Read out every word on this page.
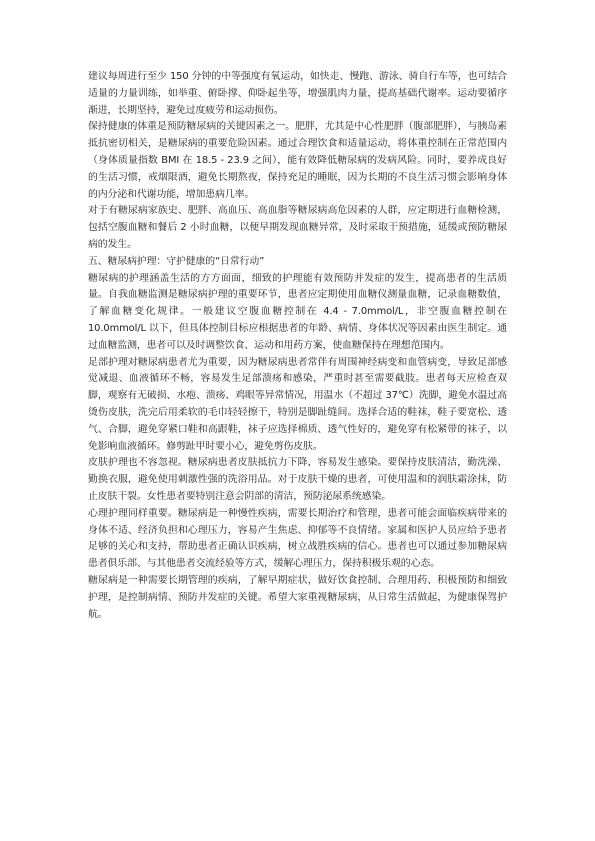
建议每周进行至少 150 分钟的中等强度有氧运动，如快走、慢跑、游泳、骑自行车等，也可结合适量的力量训练，如举重、俯卧撑、仰卧起坐等，增强肌肉力量，提高基础代谢率。运动要循序渐进，长期坚持，避免过度疲劳和运动损伤。

保持健康的体重是预防糖尿病的关键因素之一。肥胖，尤其是中心性肥胖（腹部肥胖），与胰岛素抵抗密切相关，是糖尿病的重要危险因素。通过合理饮食和适量运动，将体重控制在正常范围内（身体质量指数 BMI 在 18.5 - 23.9 之间），能有效降低糖尿病的发病风险。同时，要养成良好的生活习惯，戒烟限酒，避免长期熬夜，保持充足的睡眠，因为长期的不良生活习惯会影响身体的内分泌和代谢功能，增加患病几率。

对于有糖尿病家族史、肥胖、高血压、高血脂等糖尿病高危因素的人群，应定期进行血糖检测，包括空腹血糖和餐后 2 小时血糖，以便早期发现血糖异常，及时采取干预措施，延缓或预防糖尿病的发生。

五、糖尿病护理：守护健康的“日常行动”

糖尿病的护理涵盖生活的方方面面，细致的护理能有效预防并发症的发生，提高患者的生活质量。自我血糖监测是糖尿病护理的重要环节，患者应定期使用血糖仪测量血糖，记录血糖数值，了解血糖变化规律。一般建议空腹血糖控制在 4.4 - 7.0mmol/L，非空腹血糖控制在 10.0mmol/L 以下，但具体控制目标应根据患者的年龄、病情、身体状况等因素由医生制定。通过血糖监测，患者可以及时调整饮食、运动和用药方案，使血糖保持在理想范围内。

足部护理对糖尿病患者尤为重要，因为糖尿病患者常伴有周围神经病变和血管病变，导致足部感觉减退、血液循环不畅，容易发生足部溃疡和感染，严重时甚至需要截肢。患者每天应检查双脚，观察有无破损、水疱、溃疡、鸡眼等异常情况，用温水（不超过 37℃）洗脚，避免水温过高烫伤皮肤，洗完后用柔软的毛巾轻轻擦干，特别是脚趾缝间。选择合适的鞋袜，鞋子要宽松、透气、合脚，避免穿紧口鞋和高跟鞋，袜子应选择棉质、透气性好的，避免穿有松紧带的袜子，以免影响血液循环。修剪趾甲时要小心，避免剪伤皮肤。

皮肤护理也不容忽视。糖尿病患者皮肤抵抗力下降，容易发生感染。要保持皮肤清洁，勤洗澡、勤换衣服，避免使用刺激性强的洗浴用品。对于皮肤干燥的患者，可使用温和的润肤霜涂抹，防止皮肤干裂。女性患者要特别注意会阴部的清洁，预防泌尿系统感染。

心理护理同样重要。糖尿病是一种慢性疾病，需要长期治疗和管理，患者可能会面临疾病带来的身体不适、经济负担和心理压力，容易产生焦虑、抑郁等不良情绪。家属和医护人员应给予患者足够的关心和支持，帮助患者正确认识疾病，树立战胜疾病的信心。患者也可以通过参加糖尿病患者俱乐部、与其他患者交流经验等方式，缓解心理压力，保持积极乐观的心态。

糖尿病是一种需要长期管理的疾病，了解早期症状，做好饮食控制、合理用药、积极预防和细致护理，是控制病情、预防并发症的关键。希望大家重视糖尿病，从日常生活做起，为健康保驾护航。
